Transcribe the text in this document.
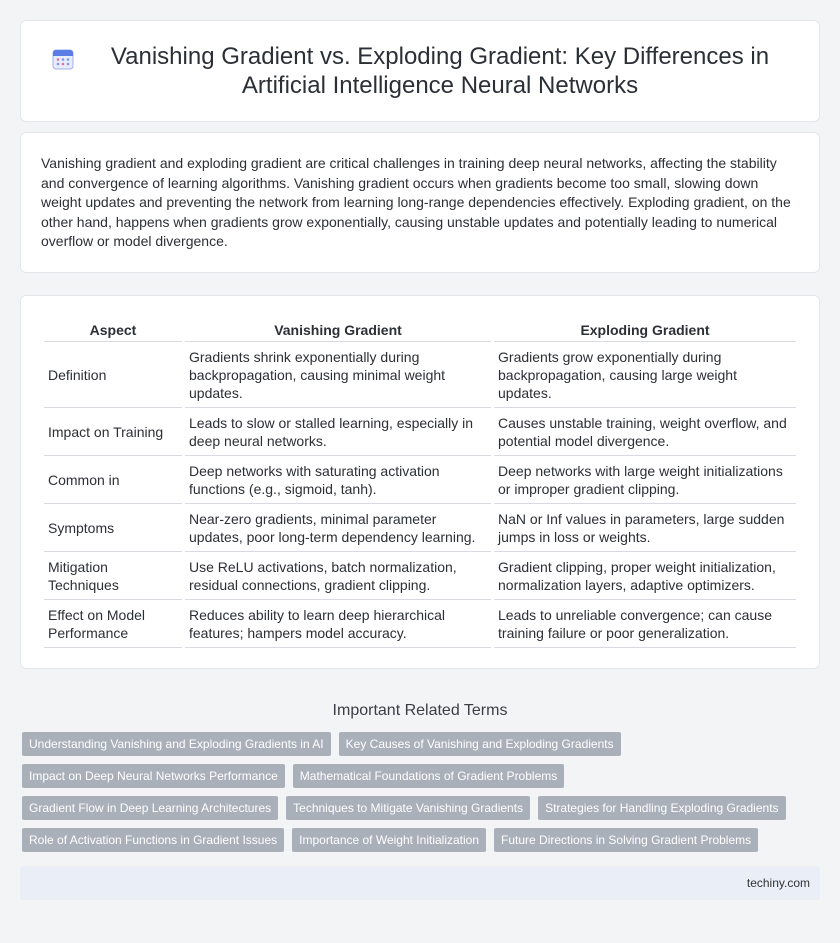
Vanishing Gradient vs. Exploding Gradient: Key Differences in Artificial Intelligence Neural Networks
Vanishing gradient and exploding gradient are critical challenges in training deep neural networks, affecting the stability and convergence of learning algorithms. Vanishing gradient occurs when gradients become too small, slowing down weight updates and preventing the network from learning long-range dependencies effectively. Exploding gradient, on the other hand, happens when gradients grow exponentially, causing unstable updates and potentially leading to numerical overflow or model divergence.
Aspect	Vanishing Gradient	Exploding Gradient
Definition	Gradients shrink exponentially during backpropagation, causing minimal weight updates.	Gradients grow exponentially during backpropagation, causing large weight updates.
Impact on Training	Leads to slow or stalled learning, especially in deep neural networks.	Causes unstable training, weight overflow, and potential model divergence.
Common in	Deep networks with saturating activation functions (e.g., sigmoid, tanh).	Deep networks with large weight initializations or improper gradient clipping.
Symptoms	Near-zero gradients, minimal parameter updates, poor long-term dependency learning.	NaN or Inf values in parameters, large sudden jumps in loss or weights.
Mitigation Techniques	Use ReLU activations, batch normalization, residual connections, gradient clipping.	Gradient clipping, proper weight initialization, normalization layers, adaptive optimizers.
Effect on Model Performance	Reduces ability to learn deep hierarchical features; hampers model accuracy.	Leads to unreliable convergence; can cause training failure or poor generalization.
Important Related Terms
Understanding Vanishing and Exploding Gradients in AI	Key Causes of Vanishing and Exploding Gradients
Impact on Deep Neural Networks Performance	Mathematical Foundations of Gradient Problems
Gradient Flow in Deep Learning Architectures	Techniques to Mitigate Vanishing Gradients	Strategies for Handling Exploding Gradients
Role of Activation Functions in Gradient Issues	Importance of Weight Initialization	Future Directions in Solving Gradient Problems
techiny.com
